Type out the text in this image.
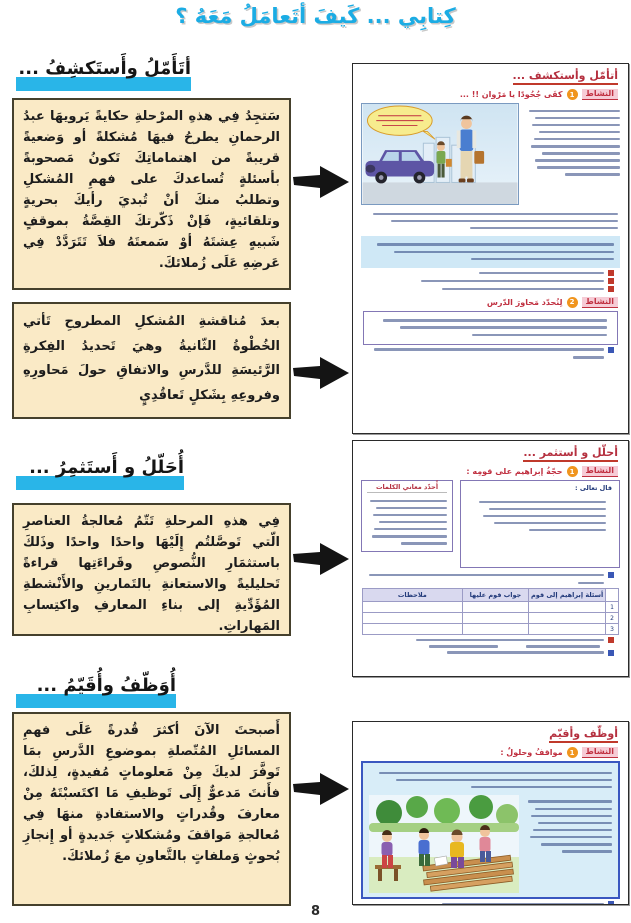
كِتابِي ... كَيفَ أتَعامَلُ مَعَهُ ؟
أتَأَمّلُ وأَستَكشِفُ ...
سَتجِدُ فِي هذهِ المرْحلةِ حكايةً يَرويهَا عبدُ الرحمانِ يطرحُ فيهَا مُشكلةً أو وَضعيةً قريبةً من اهتماماتِكَ تَكونُ مَصحوبةً بأسئلةٍ تُساعدكَ على فهمِ المُشكلِ وتطلبُ منكَ أنْ تُبديَ رأيكَ بحريةٍ وتلقائيةٍ، فَإنْ ذَكّرتكَ القِصَّةُ بموقفٍ شَبيهٍ عِشتَهُ أوْ سَمعتَهُ فلاَ تَتَرَدَّدْ فِي عَرضِهِ عَلَى زُملائكَ.
بعدَ مُناقشةِ المُشكلِ المطروحِ تَأتي الخُطْوةُ الثّانيةُ وهيَ تَحديدُ الفِكرةِ الرَّئيسَةِ للدَّرسِ والاتفاقِ حولَ مَحاورِهِ وفروعِهِ بِشَكلٍ تَعاقُدِيٍ
أُحَلّلُ و أَستَثمِرُ ...
فِي هذهِ المرحلةِ تَتّمُ مُعالجةُ العناصرِ الّتي تَوصَّلتُم إِلَيْهَا واحدًا واحدًا وذَلكَ باستثمَارِ النُّصوصِ وقَراءَتِها قراءةً تَحليليةً والاستعانةِ بالتَمارينِ والأَنْشطةِ المُؤَدِّيةِ إلى بناءِ المعارفِ واكتِسابِ المَهاراتِ.
أُوَظّفُ وأُقَيّمُ ...
أَصبحتَ الآنَ أكثرَ قُدرةً عَلَى فهمِ المسائلِ المُتّصلةِ بموضوعِ الدَّرسِ بمَا تَوفَّرَ لديكَ مِنْ مَعلوماتٍ مُفيدةٍ، لِذلكَ، فأَنتَ مَدعوٌّ إِلَى تَوظيفِ مَا اكتَسبْتَهُ مِنْ معارفَ وقُدراتٍ والاستفادةِ منهَا فِي مُعالجةِ مَواقفَ ومُشكلاتٍ جَديدةٍ أو إِنجازِ بُحوثٍ وَملفاتٍ بالتَّعاونِ معَ زُملائكَ.
أتأمّل وأستكشف ...
النشاط
1
كفَى جُحُودًا يا مَرْوان !! ...
النشاط
2
لِنُحدّد مَحاورَ الدّرس
أحلّل و أستثمر ...
النشاط
1
حجّةُ إبراهيم على قومِه :
أُحدّد معاني الكلمات	قال تعالى :
	أسئلة إبراهيم إلى قوم	جواب قوم عليها	ملاحظات
1			
2			
3			
أوظّف وأقيّم
النشاط
1
مواقفُ وحلولٌ :
8
